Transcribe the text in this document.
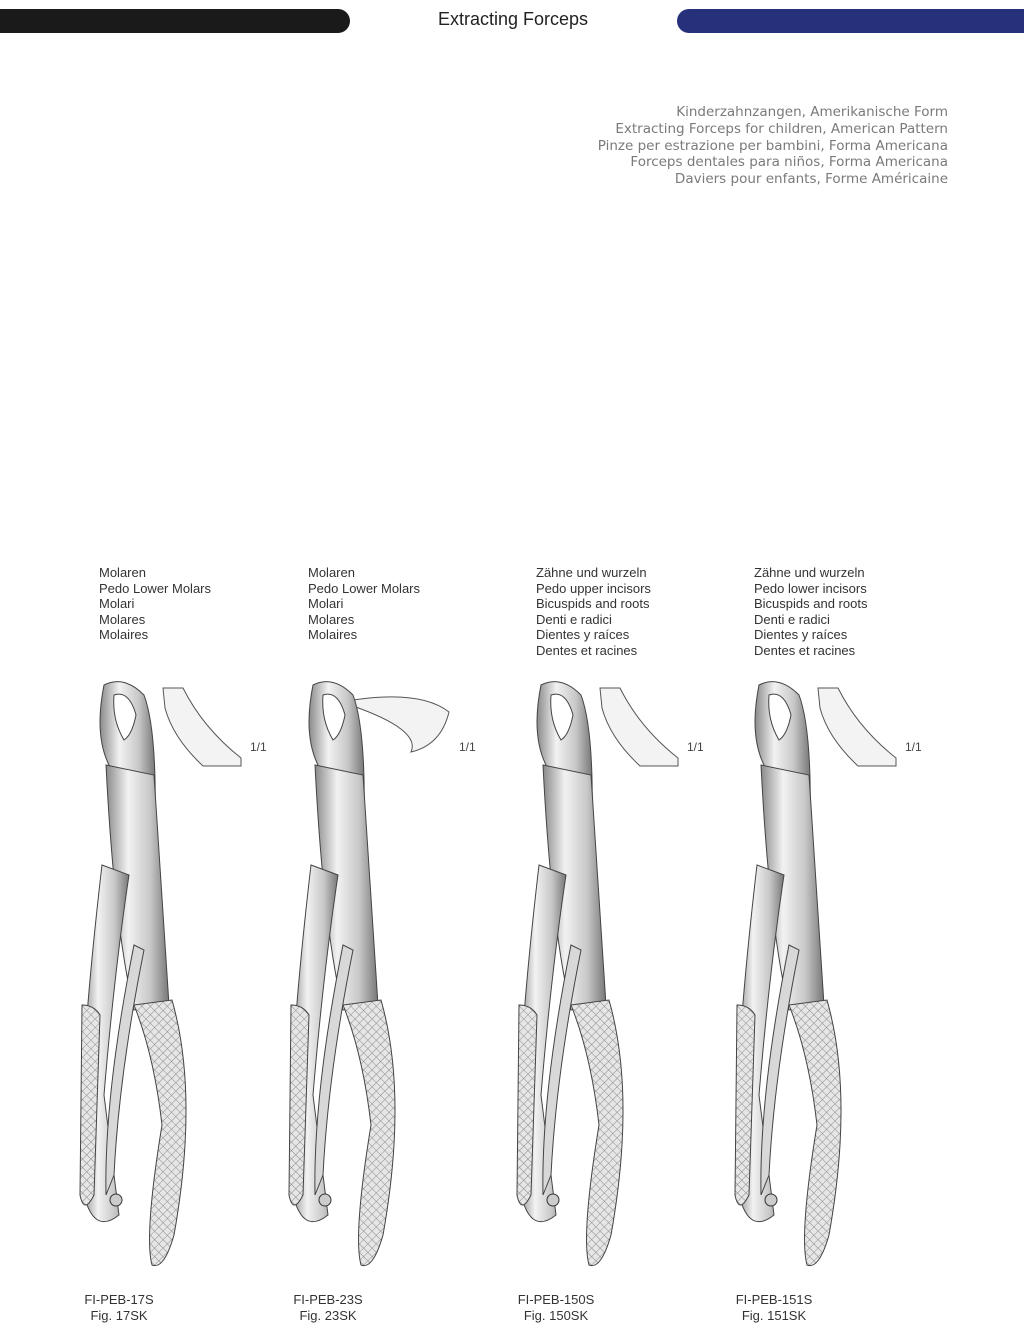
Extracting Forceps
Kinderzahnzangen, Amerikanische Form
Extracting Forceps for children, American Pattern
Pinze per estrazione per bambini, Forma Americana
Forceps dentales para niños, Forma Americana
Daviers pour enfants, Forme Américaine
Molaren
Pedo Lower Molars
Molari
Molares
Molaires
1/1
FI-PEB-17S
Fig. 17SK
Molaren
Pedo Lower Molars
Molari
Molares
Molaires
1/1
FI-PEB-23S
Fig. 23SK
Zähne und wurzeln
Pedo upper incisors
Bicuspids and roots
Denti e radici
Dientes y raíces
Dentes et racines
1/1
FI-PEB-150S
Fig. 150SK
Zähne und wurzeln
Pedo lower incisors
Bicuspids and roots
Denti e radici
Dientes y raíces
Dentes et racines
1/1
FI-PEB-151S
Fig. 151SK
